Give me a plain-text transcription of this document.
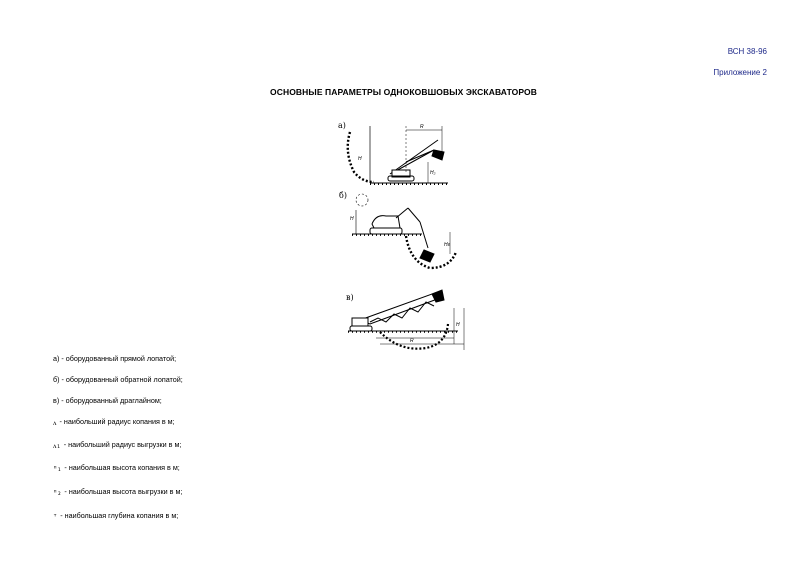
ВСН 38-96
Приложение 2
ОСНОВНЫЕ ПАРАМЕТРЫ ОДНОКОВШОВЫХ ЭКСКАВАТОРОВ
а)	R
H
H₂
б)
H
Hг
в)
R
H
а) - оборудованный прямой лопатой;
б) - оборудованный обратной лопатой;
в) - оборудованный драглайном;
ᴧ - наибольший радиус копания в м;
ᴧ₁ - наибольший радиус выгрузки в м;
ᴴ₁ - наибольшая высота копания в м;
ᴴ₂ - наибольшая высота выгрузки в м;
ᵀ - наибольшая глубина копания в м;
